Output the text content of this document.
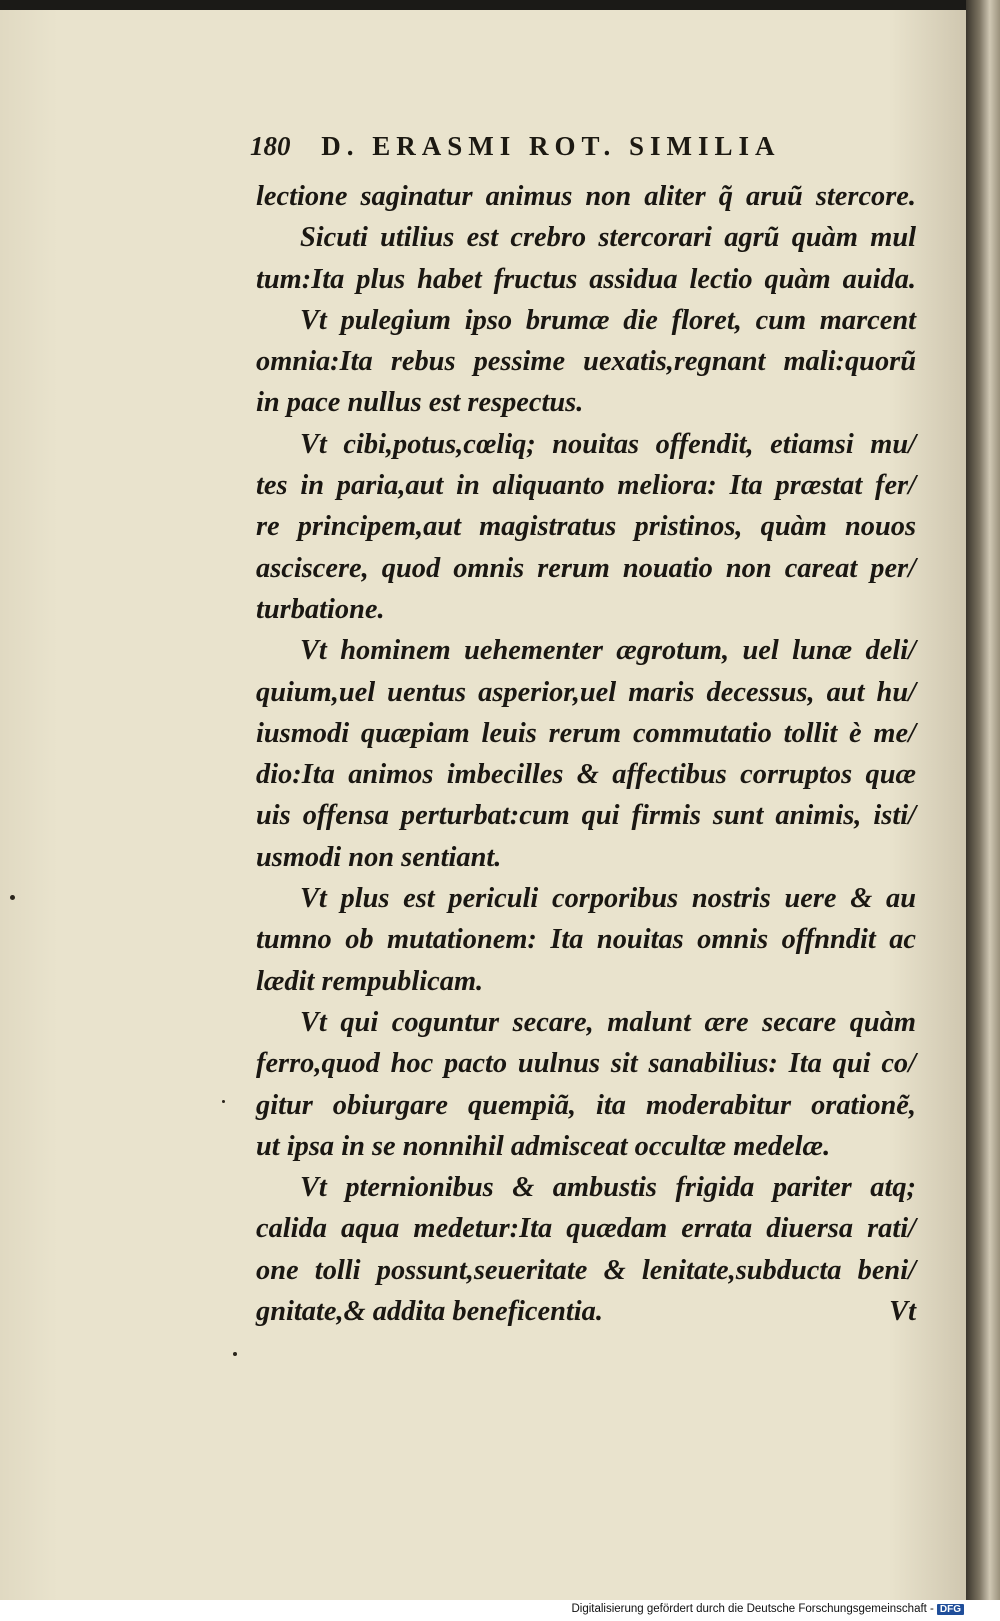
180 D. ERASMI ROT. SIMILIA
lectione saginatur animus non aliter q̃ aruũ stercore.
Sicuti utilius est crebro stercorari agrũ quàm mul
tum:Ita plus habet fructus assidua lectio quàm auida.
Vt pulegium ipso brumæ die floret, cum marcent
omnia:Ita rebus pessime uexatis,regnant mali:quorũ
in pace nullus est respectus.
Vt cibi,potus,cœliq; nouitas offendit, etiamsi mu/
tes in paria,aut in aliquanto meliora: Ita præstat fer/
re principem,aut magistratus pristinos, quàm nouos
asciscere, quod omnis rerum nouatio non careat per/
turbatione.
Vt hominem uehementer ægrotum, uel lunæ deli/
quium,uel uentus asperior,uel maris decessus, aut hu/
iusmodi quæpiam leuis rerum commutatio tollit è me/
dio:Ita animos imbecilles & affectibus corruptos quæ
uis offensa perturbat:cum qui firmis sunt animis, isti/
usmodi non sentiant.
Vt plus est periculi corporibus nostris uere & au
tumno ob mutationem: Ita nouitas omnis offnndit ac
lædit rempublicam.
Vt qui coguntur secare, malunt ære secare quàm
ferro,quod hoc pacto uulnus sit sanabilius: Ita qui co/
gitur obiurgare quempiã, ita moderabitur orationẽ,
ut ipsa in se nonnihil admisceat occultæ medelæ.
Vt pternionibus & ambustis frigida pariter atq;
calida aqua medetur:Ita quædam errata diuersa rati/
one tolli possunt,seueritate & lenitate,subducta beni/
gnitate,& addita beneficentia.	Vt
Digitalisierung gefördert durch die Deutsche Forschungsgemeinschaft - DFG
